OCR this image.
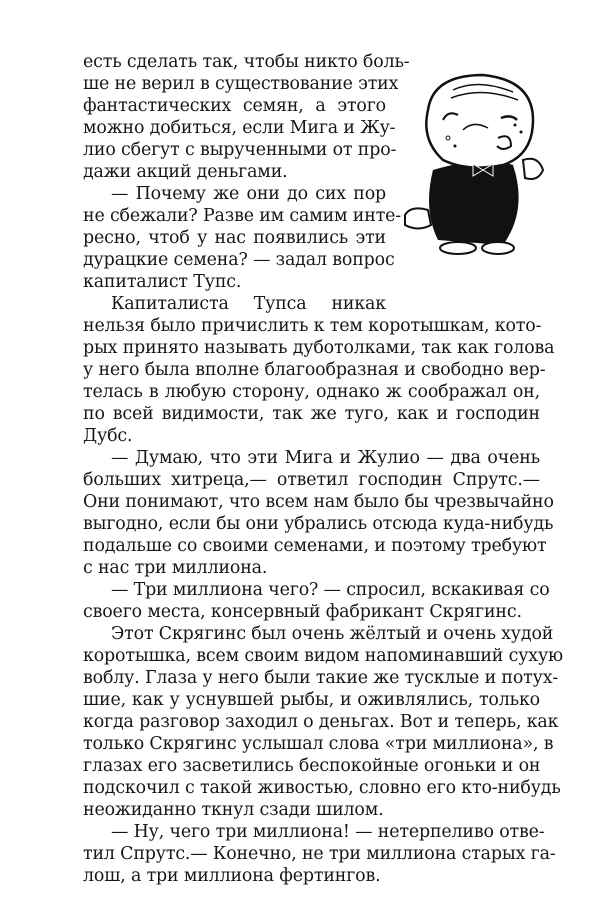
есть сделать так, чтобы никто боль-
ше не верил в существование этих
фантастических семян, а этого
можно добиться, если Мига и Жу-
лио сбегут с вырученными от про-
дажи акций деньгами.
— Почему же они до сих пор
не сбежали? Разве им самим инте-
ресно, чтоб у нас появились эти
дурацкие семена? — задал вопрос
капиталист Тупс.
Капиталиста Тупса никак
нельзя было причислить к тем коротышкам, кото-
рых принято называть дуботолками, так как голова
у него была вполне благообразная и свободно вер-
телась в любую сторону, однако ж соображал он,
по всей видимости, так же туго, как и господин
Дубс.
— Думаю, что эти Мига и Жулио — два очень
больших хитреца,— ответил господин Спрутс.—
Они понимают, что всем нам было бы чрезвычайно
выгодно, если бы они убрались отсюда куда-нибудь
подальше со своими семенами, и поэтому требуют
с нас три миллиона.
— Три миллиона чего? — спросил, вскакивая со
своего места, консервный фабрикант Скрягинс.
Этот Скрягинс был очень жёлтый и очень худой
коротышка, всем своим видом напоминавший сухую
воблу. Глаза у него были такие же тусклые и потух-
шие, как у уснувшей рыбы, и оживлялись, только
когда разговор заходил о деньгах. Вот и теперь, как
только Скрягинс услышал слова «три миллиона», в
глазах его засветились беспокойные огоньки и он
подскочил с такой живостью, словно его кто-нибудь
неожиданно ткнул сзади шилом.
— Ну, чего три миллиона! — нетерпеливо отве-
тил Спрутс.— Конечно, не три миллиона старых га-
лош, а три миллиона фертингов.
